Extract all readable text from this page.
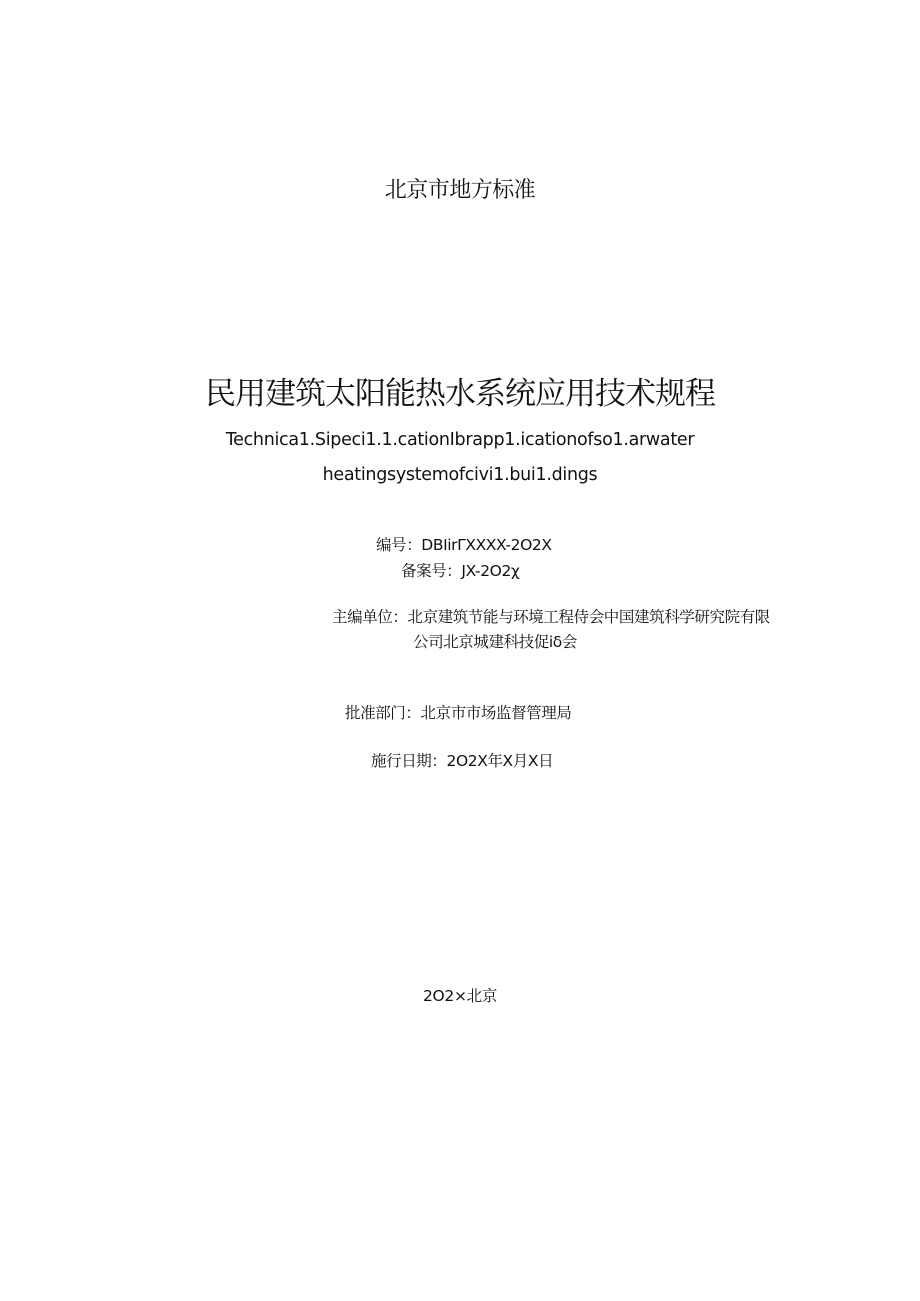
北京市地方标准
民用建筑太阳能热水系统应用技术规程
Technica1.Sipeci1.1.cationIbrapp1.icationofso1.arwater
heatingsystemofcivi1.bui1.dings
编号：DBIirΓXXXX-2O2X
备案号：JX-2O2χ
主编单位：北京建筑节能与环境工程侍会中国建筑科学研究院有限
公司北京城建科技促iδ会
批准部门：北京市市场监督管理局
施行日期：2O2X年X月X日
2O2×北京
